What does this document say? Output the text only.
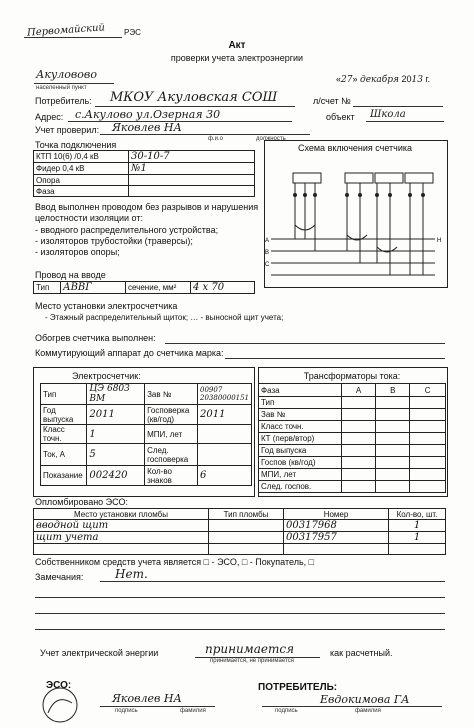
Первомайский РЭС
Акт
проверки учета электроэнергии
Акуловово
населенный пункт
«27» декабря 2013 г.
Потребитель: МКОУ Акуловская СОШ	л/счет №
Адрес: с.Акулово ул.Озерная 30	объект Школа
Учет проверил: Яковлев НА
ф.и.о	должность
Точка подключения
КТП 10(6) /0,4 кВ	30-10-7
Фидер 0,4 кВ	№1
Опора	
Фаза	
Схема включения счетчика
А
В
С
Н
Ввод выполнен проводом без разрывов и нарушения целостности изоляции от:
- вводного распределительного устройства;
- изоляторов трубостойки (траверсы);
- изоляторов опоры;
Провод на вводе
Тип	АВВГ	сечение, мм²	4 х 70
Место установки электросчетчика
- Этажный распределительный щиток; … - выносной щит учета;
Обогрев счетчика выполнен:
Коммутирующий аппарат до счетчика марка:
Электросчетчик:
Тип	ЦЭ 6803 ВМ	Зав №	00907 20380000151
Год выпуска	2011	Госповерка (кв/год)	2011
Класс точн.	1	МПИ, лет	
Ток, А	5	След. госповерка	
Показание	002420	Кол-во знаков	6
Трансформаторы тока:
Фаза	А	В	С
Тип			
Зав №			
Класс точн.			
КТ (перв/втор)			
Год выпуска			
Госпов (кв/год)			
МПИ, лет			
След. госпов.			
Опломбировано ЭСО:
Место установки пломбы	Тип пломбы	Номер	Кол-во, шт.
вводной щит		00317968	1
щит учета		00317957	1

Собственником средств учета является □ - ЭСО, □ - Покупатель, □
Замечания:	Нет.
Учет электрической энергии	принимается
принимается, не принимается
как расчетный.
ЭСО:
Яковлев НА
подпись	фамилия
ПОТРЕБИТЕЛЬ:
Евдокимова ГА
подпись	фамилия
